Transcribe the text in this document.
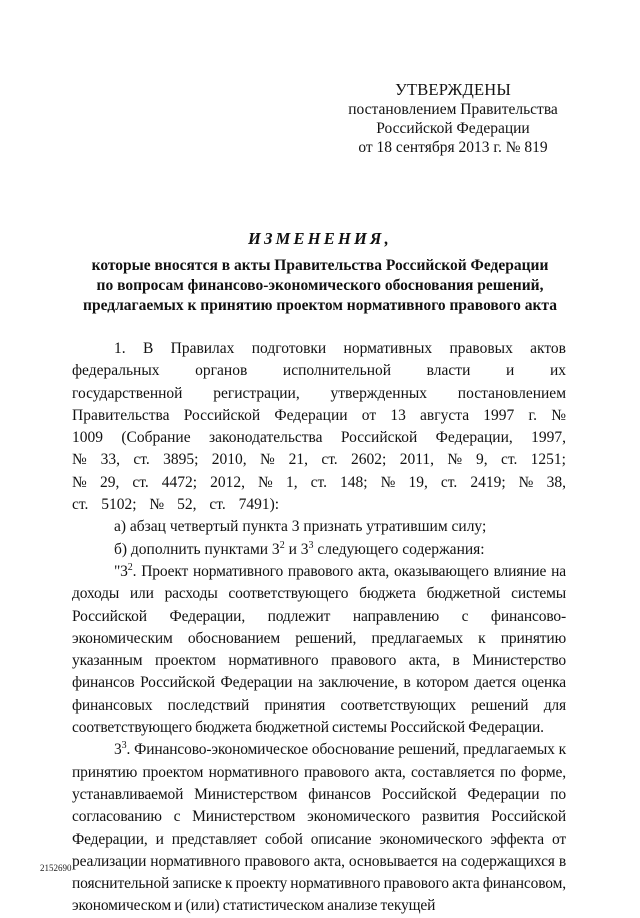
УТВЕРЖДЕНЫ
постановлением Правительства
Российской Федерации
от 18 сентября 2013 г. № 819
ИЗМЕНЕНИЯ,
которые вносятся в акты Правительства Российской Федерации
по вопросам финансово-экономического обоснования решений,
предлагаемых к принятию проектом нормативного правового акта

1. В Правилах подготовки нормативных правовых актов федеральных органов исполнительной власти и их государственной регистрации, утвержденных постановлением Правительства Российской Федерации от 13 августа 1997 г. № 1009 (Собрание законодательства Российской Федерации, 1997, № 33, ст. 3895; 2010, № 21, ст. 2602; 2011, № 9, ст. 1251; № 29, ст. 4472; 2012, № 1, ст. 148; № 19, ст. 2419; № 38, ст. 5102; № 52, ст. 7491):

а) абзац четвертый пункта 3 признать утратившим силу;

б) дополнить пунктами $3^2$ и $3^3$ следующего содержания:

"$3^2$. Проект нормативного правового акта, оказывающего влияние на доходы или расходы соответствующего бюджета бюджетной системы Российской Федерации, подлежит направлению с финансово-экономическим обоснованием решений, предлагаемых к принятию указанным проектом нормативного правового акта, в Министерство финансов Российской Федерации на заключение, в котором дается оценка финансовых последствий принятия соответствующих решений для соответствующего бюджета бюджетной системы Российской Федерации.

$3^3$. Финансово-экономическое обоснование решений, предлагаемых к принятию проектом нормативного правового акта, составляется по форме, устанавливаемой Министерством финансов Российской Федерации по согласованию с Министерством экономического развития Российской Федерации, и представляет собой описание экономического эффекта от реализации нормативного правового акта, основывается на содержащихся в пояснительной записке к проекту нормативного правового акта финансовом, экономическом и (или) статистическом анализе текущей

2152690
